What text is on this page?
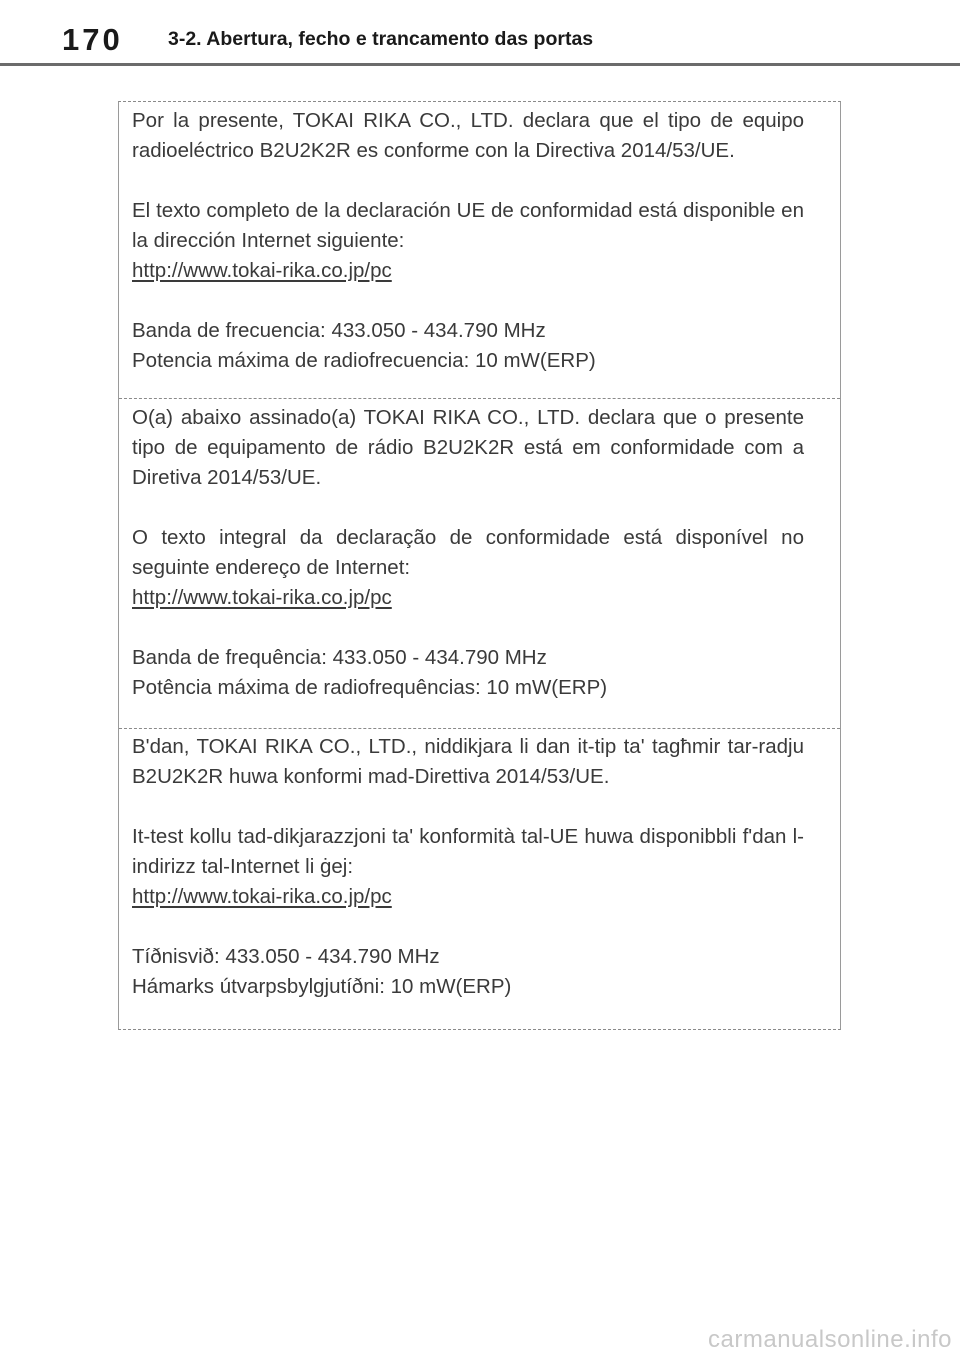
170 3-2. Abertura, fecho e trancamento das portas

Por la presente, TOKAI RIKA CO., LTD. declara que el tipo de equipo radioeléctrico B2U2K2R es conforme con la Directiva 2014/53/UE.

El texto completo de la declaración UE de conformidad está disponible en la dirección Internet siguiente:

http://www.tokai-rika.co.jp/pc

Banda de frecuencia: 433.050 - 434.790 MHz

Potencia máxima de radiofrecuencia: 10 mW(ERP)

O(a) abaixo assinado(a) TOKAI RIKA CO., LTD. declara que o presente tipo de equipamento de rádio B2U2K2R está em conformidade com a Diretiva 2014/53/UE.

O texto integral da declaração de conformidade está disponível no seguinte endereço de Internet:

http://www.tokai-rika.co.jp/pc

Banda de frequência: 433.050 - 434.790 MHz

Potência máxima de radiofrequências: 10 mW(ERP)

B'dan, TOKAI RIKA CO., LTD., niddikjara li dan it-tip ta' tagħmir tar-radju B2U2K2R huwa konformi mad-Direttiva 2014/53/UE.

It-test kollu tad-dikjarazzjoni ta' konformità tal-UE huwa disponibbli f'dan l-indirizz tal-Internet li ġej:

http://www.tokai-rika.co.jp/pc

Tíðnisvið: 433.050 - 434.790 MHz

Hámarks útvarpsbylgjutíðni: 10 mW(ERP)

carmanualsonline.info
